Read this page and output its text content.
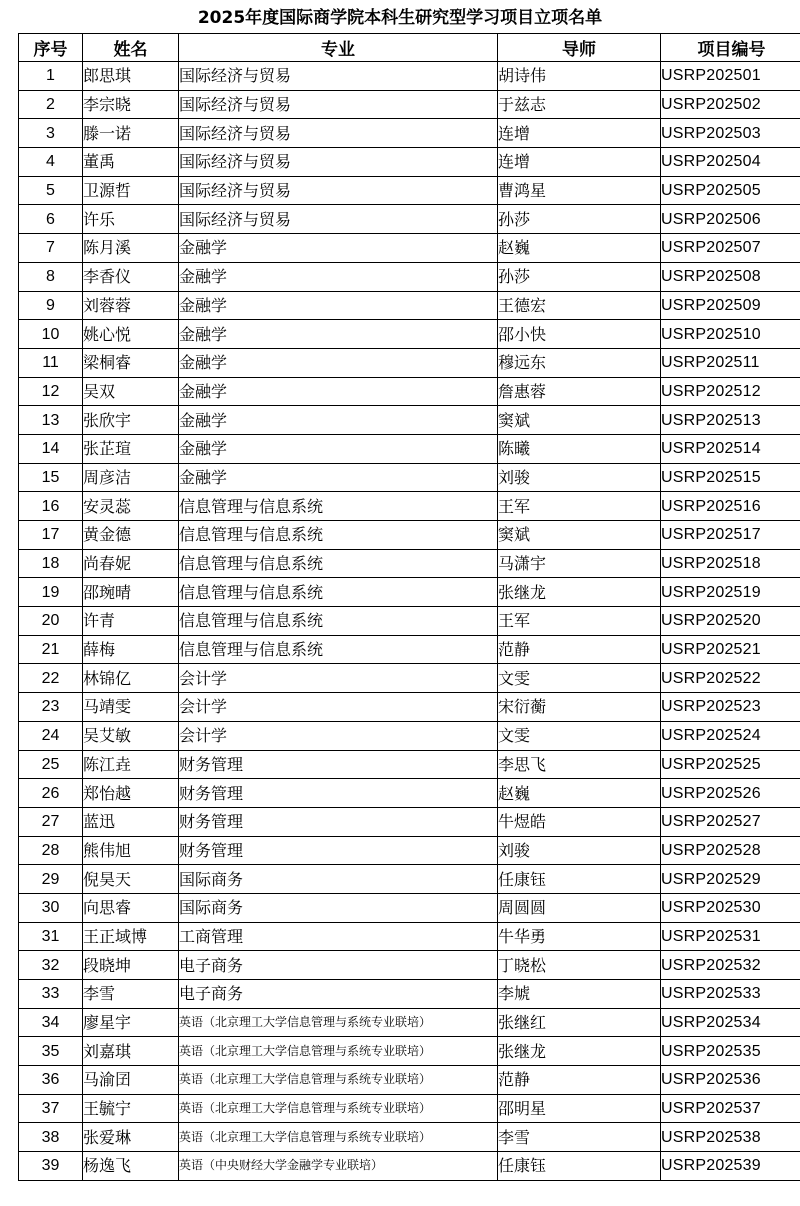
2025年度国际商学院本科生研究型学习项目立项名单
序号	姓名	专业	导师	项目编号
1	郎思琪	国际经济与贸易	胡诗伟	USRP202501
2	李宗晓	国际经济与贸易	于兹志	USRP202502
3	滕一诺	国际经济与贸易	连增	USRP202503
4	董禹	国际经济与贸易	连增	USRP202504
5	卫源哲	国际经济与贸易	曹鸿星	USRP202505
6	许乐	国际经济与贸易	孙莎	USRP202506
7	陈月溪	金融学	赵巍	USRP202507
8	李香仪	金融学	孙莎	USRP202508
9	刘蓉蓉	金融学	王德宏	USRP202509
10	姚心悦	金融学	邵小快	USRP202510
11	梁桐睿	金融学	穆远东	USRP202511
12	吴双	金融学	詹惠蓉	USRP202512
13	张欣宇	金融学	窦斌	USRP202513
14	张芷瑄	金融学	陈曦	USRP202514
15	周彦洁	金融学	刘骏	USRP202515
16	安灵蕊	信息管理与信息系统	王军	USRP202516
17	黄金德	信息管理与信息系统	窦斌	USRP202517
18	尚春妮	信息管理与信息系统	马潇宇	USRP202518
19	邵琬晴	信息管理与信息系统	张继龙	USRP202519
20	许青	信息管理与信息系统	王军	USRP202520
21	薛梅	信息管理与信息系统	范静	USRP202521
22	林锦亿	会计学	文雯	USRP202522
23	马靖雯	会计学	宋衍蘅	USRP202523
24	吴艾敏	会计学	文雯	USRP202524
25	陈江垚	财务管理	李思飞	USRP202525
26	郑怡越	财务管理	赵巍	USRP202526
27	蓝迅	财务管理	牛煜皓	USRP202527
28	熊伟旭	财务管理	刘骏	USRP202528
29	倪昊天	国际商务	任康钰	USRP202529
30	向思睿	国际商务	周圆圆	USRP202530
31	王正域博	工商管理	牛华勇	USRP202531
32	段晓坤	电子商务	丁晓松	USRP202532
33	李雪	电子商务	李虓	USRP202533
34	廖星宇	英语（北京理工大学信息管理与系统专业联培）	张继红	USRP202534
35	刘嘉琪	英语（北京理工大学信息管理与系统专业联培）	张继龙	USRP202535
36	马渝囝	英语（北京理工大学信息管理与系统专业联培）	范静	USRP202536
37	王毓宁	英语（北京理工大学信息管理与系统专业联培）	邵明星	USRP202537
38	张爱琳	英语（北京理工大学信息管理与系统专业联培）	李雪	USRP202538
39	杨逸飞	英语（中央财经大学金融学专业联培）	任康钰	USRP202539
